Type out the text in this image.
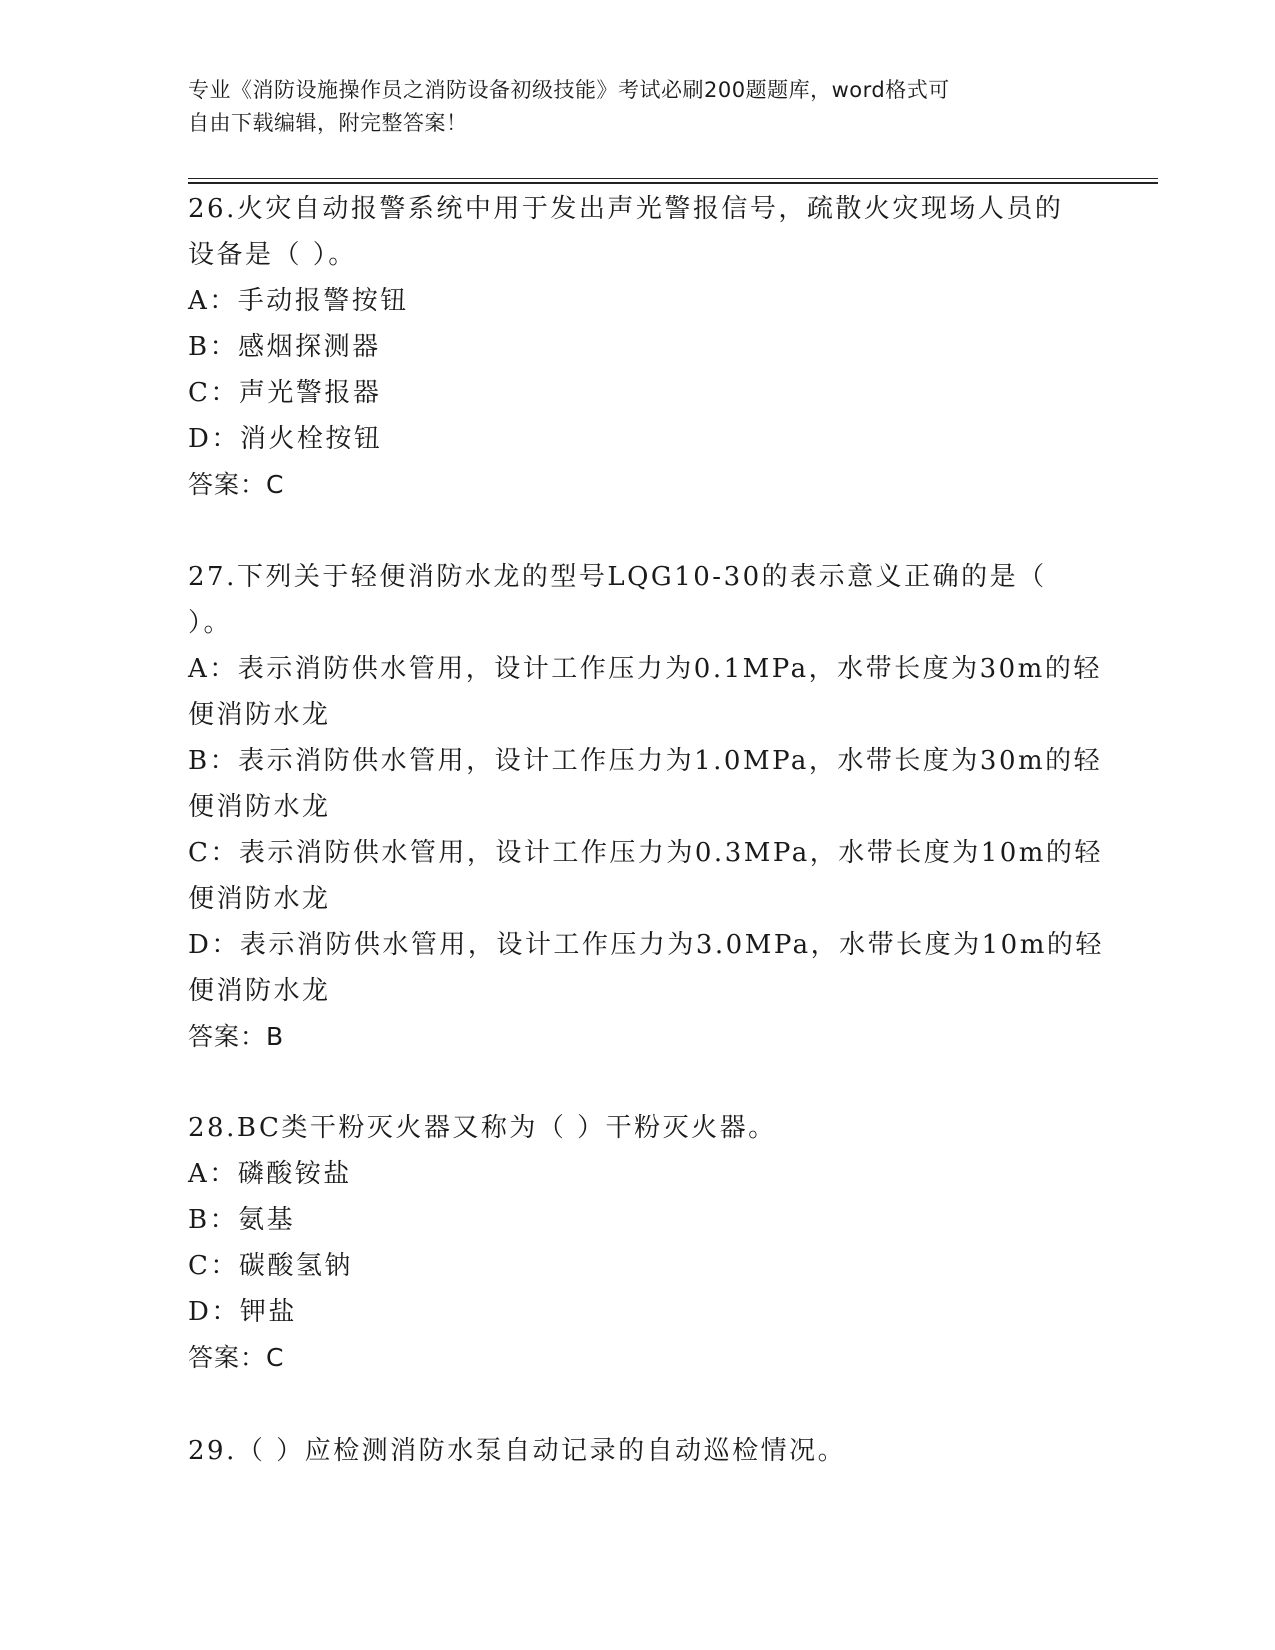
专业《消防设施操作员之消防设备初级技能》考试必刷200题题库，word格式可
自由下载编辑，附完整答案！
26.火灾自动报警系统中用于发出声光警报信号，疏散火灾现场人员的
设备是（ ）。
A：手动报警按钮
B：感烟探测器
C：声光警报器
D：消火栓按钮
答案：C
27.下列关于轻便消防水龙的型号LQG10-30的表示意义正确的是（
）。
A：表示消防供水管用，设计工作压力为0.1MPa，水带长度为30m的轻
便消防水龙
B：表示消防供水管用，设计工作压力为1.0MPa，水带长度为30m的轻
便消防水龙
C：表示消防供水管用，设计工作压力为0.3MPa，水带长度为10m的轻
便消防水龙
D：表示消防供水管用，设计工作压力为3.0MPa，水带长度为10m的轻
便消防水龙
答案：B
28.BC类干粉灭火器又称为（ ）干粉灭火器。
A：磷酸铵盐
B：氨基
C：碳酸氢钠
D：钾盐
答案：C
29.（ ）应检测消防水泵自动记录的自动巡检情况。
